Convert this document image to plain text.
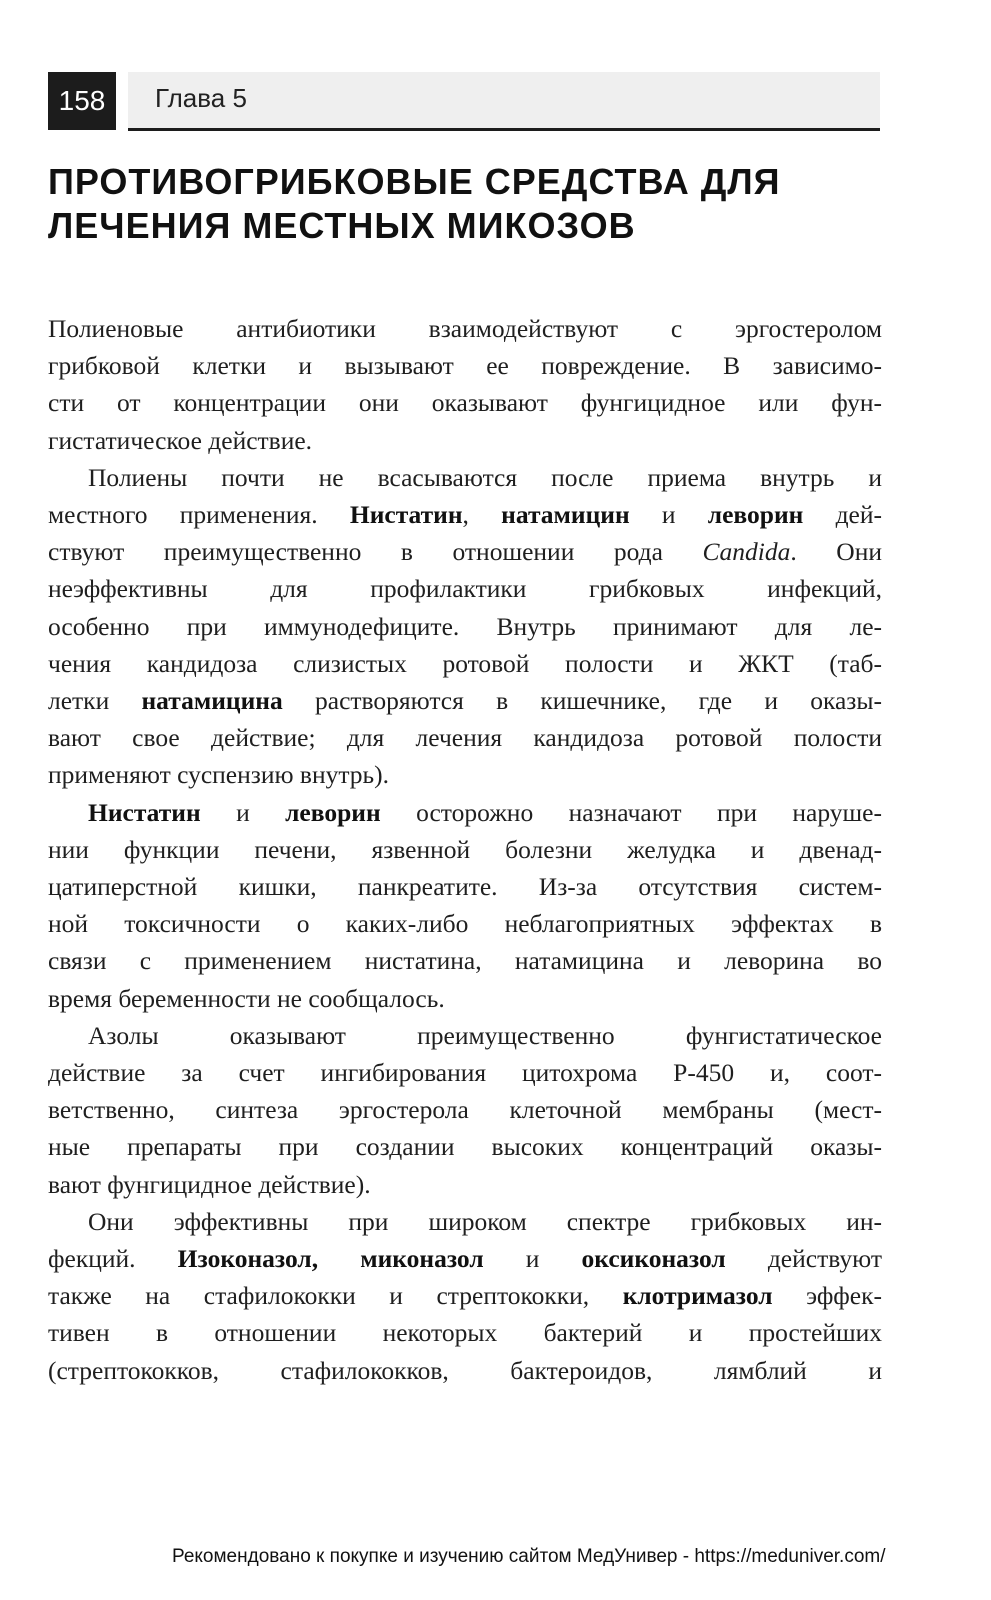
158	Глава 5
ПРОТИВОГРИБКОВЫЕ СРЕДСТВА ДЛЯ
ЛЕЧЕНИЯ МЕСТНЫХ МИКОЗОВ

Полиеновые антибиотики взаимодействуют с эргостеролом

грибковой клетки и вызывают ее повреждение. В зависимо-

сти от концентрации они оказывают фунгицидное или фун-

гистатическое действие.

Полиены почти не всасываются после приема внутрь и

местного применения. Нистатин, натамицин и леворин дей-

ствуют преимущественно в отношении рода Candida. Они

неэффективны для профилактики грибковых инфекций,

особенно при иммунодефиците. Внутрь принимают для ле-

чения кандидоза слизистых ротовой полости и ЖКТ (таб-

летки натамицина растворяются в кишечнике, где и оказы-

вают свое действие; для лечения кандидоза ротовой полости

применяют суспензию внутрь).

Нистатин и леворин осторожно назначают при наруше-

нии функции печени, язвенной болезни желудка и двенад-

цатиперстной кишки, панкреатите. Из-за отсутствия систем-

ной токсичности о каких-либо неблагоприятных эффектах в

связи с применением нистатина, натамицина и леворина во

время беременности не сообщалось.

Азолы оказывают преимущественно фунгистатическое

действие за счет ингибирования цитохрома Р-450 и, соот-

ветственно, синтеза эргостерола клеточной мембраны (мест-

ные препараты при создании высоких концентраций оказы-

вают фунгицидное действие).

Они эффективны при широком спектре грибковых ин-

фекций. Изоконазол, миконазол и оксиконазол действуют

также на стафилококки и стрептококки, клотримазол эффек-

тивен в отношении некоторых бактерий и простейших

(стрептококков, стафилококков, бактероидов, лямблий и

Рекомендовано к покупке и изучению сайтом МедУнивер - https://meduniver.com/
